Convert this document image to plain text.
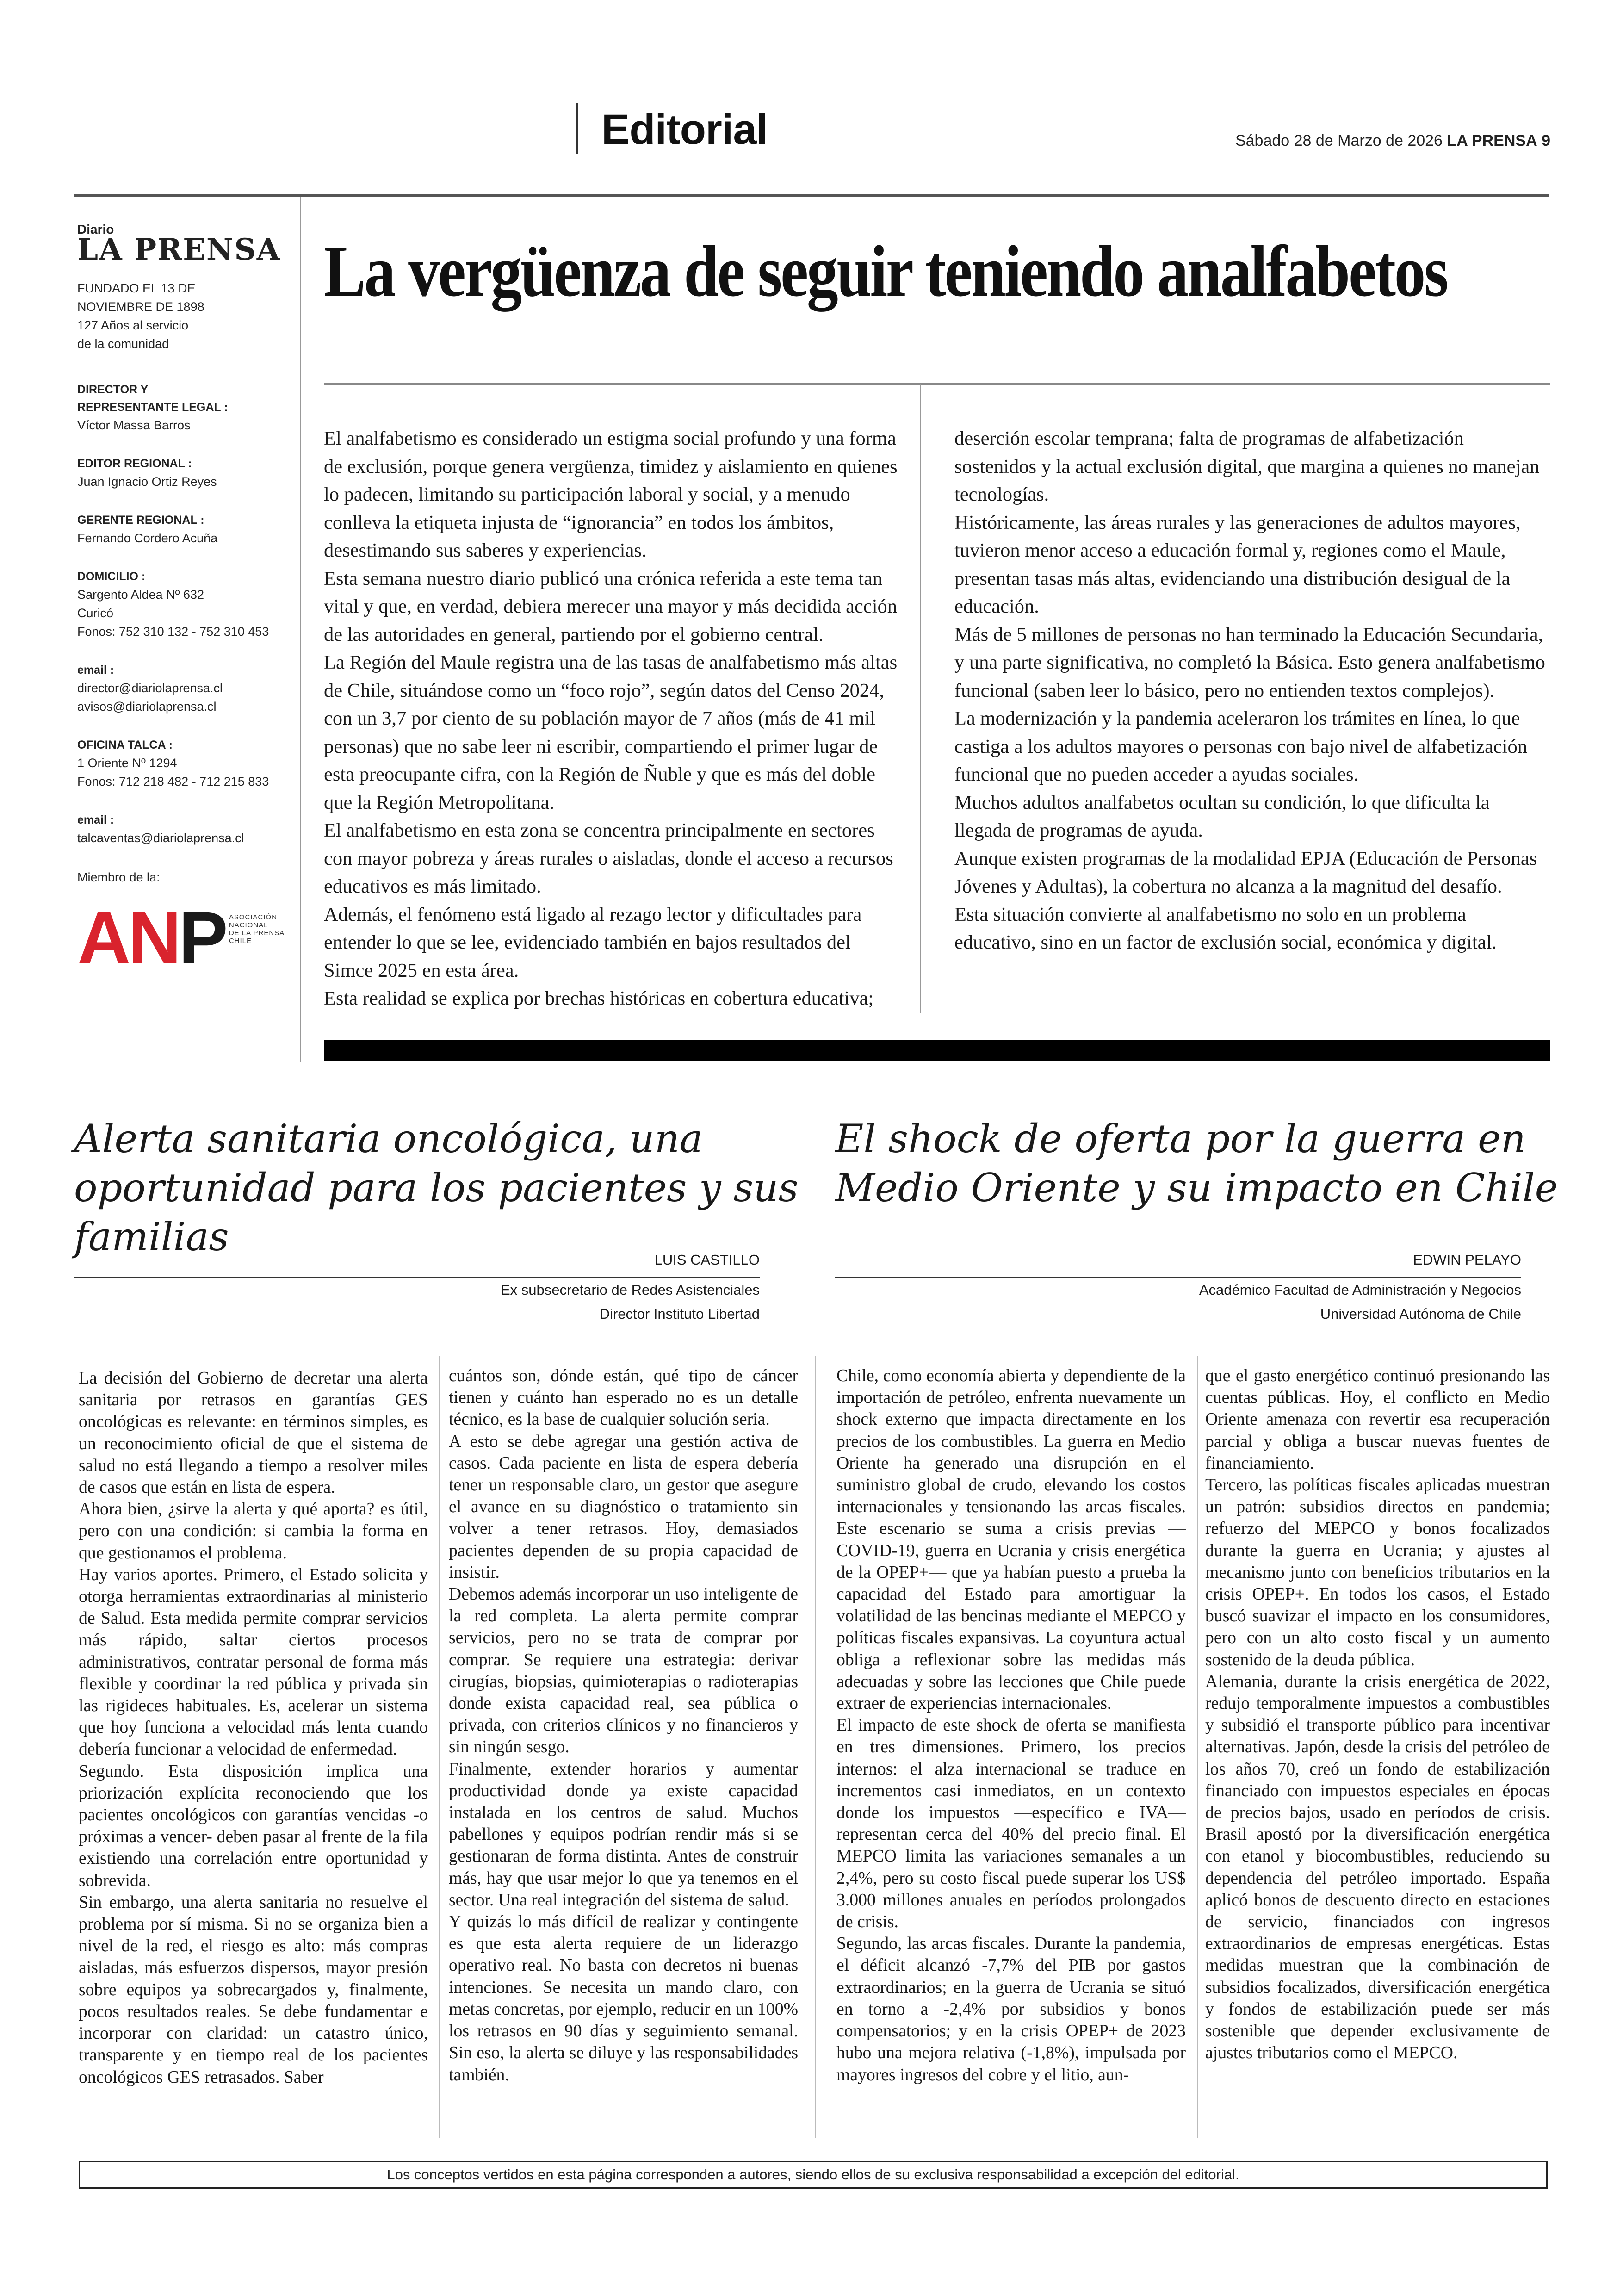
Editorial	Sábado 28 de Marzo de 2026 LA PRENSA 9
Diario
LA PRENSA
FUNDADO EL 13 DE
NOVIEMBRE DE 1898
127 Años al servicio
de la comunidad
DIRECTOR Y
REPRESENTANTE LEGAL :
Víctor Massa Barros
EDITOR REGIONAL :
Juan Ignacio Ortiz Reyes
GERENTE REGIONAL :
Fernando Cordero Acuña
DOMICILIO :
Sargento Aldea Nº 632
Curicó
Fonos: 752 310 132 - 752 310 453
email :
director@diariolaprensa.cl
avisos@diariolaprensa.cl
OFICINA TALCA :
1 Oriente Nº 1294
Fonos: 712 218 482 - 712 215 833
email :
talcaventas@diariolaprensa.cl
Miembro de la:
ANP ASOCIACIÓN
NACIONAL
DE LA PRENSA
CHILE
La vergüenza de seguir teniendo analfabetos

El analfabetismo es considerado un estigma social profundo y una forma de exclusión, porque genera vergüenza, timidez y aislamiento en quienes lo padecen, limitando su participación laboral y social, y a menudo conlleva la etiqueta injusta de “ignorancia” en todos los ámbitos, desestimando sus saberes y experiencias.

Esta semana nuestro diario publicó una crónica referida a este tema tan vital y que, en verdad, debiera merecer una mayor y más decidida acción de las autoridades en general, partiendo por el gobierno central.

La Región del Maule registra una de las tasas de analfabetismo más altas de Chile, situándose como un “foco rojo”, según datos del Censo 2024, con un 3,7 por ciento de su población mayor de 7 años (más de 41 mil personas) que no sabe leer ni escribir, compartiendo el primer lugar de esta preocupante cifra, con la Región de Ñuble y que es más del doble que la Región Metropolitana.

El analfabetismo en esta zona se concentra principalmente en sectores con mayor pobreza y áreas rurales o aisladas, donde el acceso a recursos educativos es más limitado.

Además, el fenómeno está ligado al rezago lector y dificultades para entender lo que se lee, evidenciado también en bajos resultados del Simce 2025 en esta área.

Esta realidad se explica por brechas históricas en cobertura educativa;

deserción escolar temprana; falta de programas de alfabetización sostenidos y la actual exclusión digital, que margina a quienes no manejan tecnologías.

Históricamente, las áreas rurales y las generaciones de adultos mayores, tuvieron menor acceso a educación formal y, regiones como el Maule, presentan tasas más altas, evidenciando una distribución desigual de la educación.

Más de 5 millones de personas no han terminado la Educación Secundaria, y una parte significativa, no completó la Básica. Esto genera analfabetismo funcional (saben leer lo básico, pero no entienden textos complejos).

La modernización y la pandemia aceleraron los trámites en línea, lo que castiga a los adultos mayores o personas con bajo nivel de alfabetización funcional que no pueden acceder a ayudas sociales.

Muchos adultos analfabetos ocultan su condición, lo que dificulta la llegada de programas de ayuda.

Aunque existen programas de la modalidad EPJA (Educación de Personas Jóvenes y Adultas), la cobertura no alcanza a la magnitud del desafío.

Esta situación convierte al analfabetismo no solo en un problema educativo, sino en un factor de exclusión social, económica y digital.

Alerta sanitaria oncológica, una oportunidad para los pacientes y sus familias
LUIS CASTILLO
Ex subsecretario de Redes Asistenciales
Director Instituto Libertad

La decisión del Gobierno de decretar una alerta sanitaria por retrasos en garantías GES oncológicas es relevante: en términos simples, es un reconocimiento oficial de que el sistema de salud no está llegando a tiempo a resolver miles de casos que están en lista de espera.

Ahora bien, ¿sirve la alerta y qué aporta? es útil, pero con una condición: si cambia la forma en que gestionamos el problema.

Hay varios aportes. Primero, el Estado solicita y otorga herramientas extraordinarias al ministerio de Salud. Esta medida permite comprar servicios más rápido, saltar ciertos procesos administrativos, contratar personal de forma más flexible y coordinar la red pública y privada sin las rigideces habituales. Es, acelerar un sistema que hoy funciona a velocidad más lenta cuando debería funcionar a velocidad de enfermedad.

Segundo. Esta disposición implica una priorización explícita reconociendo que los pacientes oncológicos con garantías vencidas -o próximas a vencer- deben pasar al frente de la fila existiendo una correlación entre oportunidad y sobrevida.

Sin embargo, una alerta sanitaria no resuelve el problema por sí misma. Si no se organiza bien a nivel de la red, el riesgo es alto: más compras aisladas, más esfuerzos dispersos, mayor presión sobre equipos ya sobrecargados y, finalmente, pocos resultados reales. Se debe fundamentar e incorporar con claridad: un catastro único, transparente y en tiempo real de los pacientes oncológicos GES retrasados. Saber

cuántos son, dónde están, qué tipo de cáncer tienen y cuánto han esperado no es un detalle técnico, es la base de cualquier solución seria.

A esto se debe agregar una gestión activa de casos. Cada paciente en lista de espera debería tener un responsable claro, un gestor que asegure el avance en su diagnóstico o tratamiento sin volver a tener retrasos. Hoy, demasiados pacientes dependen de su propia capacidad de insistir.

Debemos además incorporar un uso inteligente de la red completa. La alerta permite comprar servicios, pero no se trata de comprar por comprar. Se requiere una estrategia: derivar cirugías, biopsias, quimioterapias o radioterapias donde exista capacidad real, sea pública o privada, con criterios clínicos y no financieros y sin ningún sesgo.

Finalmente, extender horarios y aumentar productividad donde ya existe capacidad instalada en los centros de salud. Muchos pabellones y equipos podrían rendir más si se gestionaran de forma distinta. Antes de construir más, hay que usar mejor lo que ya tenemos en el sector. Una real integración del sistema de salud.

Y quizás lo más difícil de realizar y contingente es que esta alerta requiere de un liderazgo operativo real. No basta con decretos ni buenas intenciones. Se necesita un mando claro, con metas concretas, por ejemplo, reducir en un 100% los retrasos en 90 días y seguimiento semanal. Sin eso, la alerta se diluye y las responsabilidades también.

El shock de oferta por la guerra en Medio Oriente y su impacto en Chile
EDWIN PELAYO
Académico Facultad de Administración y Negocios
Universidad Autónoma de Chile

Chile, como economía abierta y dependiente de la importación de petróleo, enfrenta nuevamente un shock externo que impacta directamente en los precios de los combustibles. La guerra en Medio Oriente ha generado una disrupción en el suministro global de crudo, elevando los costos internacionales y tensionando las arcas fiscales. Este escenario se suma a crisis previas —COVID-19, guerra en Ucrania y crisis energética de la OPEP+— que ya habían puesto a prueba la capacidad del Estado para amortiguar la volatilidad de las bencinas mediante el MEPCO y políticas fiscales expansivas. La coyuntura actual obliga a reflexionar sobre las medidas más adecuadas y sobre las lecciones que Chile puede extraer de experiencias internacionales.

El impacto de este shock de oferta se manifiesta en tres dimensiones. Primero, los precios internos: el alza internacional se traduce en incrementos casi inmediatos, en un contexto donde los impuestos —específico e IVA— representan cerca del 40% del precio final. El MEPCO limita las variaciones semanales a un 2,4%, pero su costo fiscal puede superar los US$ 3.000 millones anuales en períodos prolongados de crisis.

Segundo, las arcas fiscales. Durante la pandemia, el déficit alcanzó -7,7% del PIB por gastos extraordinarios; en la guerra de Ucrania se situó en torno a -2,4% por subsidios y bonos compensatorios; y en la crisis OPEP+ de 2023 hubo una mejora relativa (-1,8%), impulsada por mayores ingresos del cobre y el litio, aun-

que el gasto energético continuó presionando las cuentas públicas. Hoy, el conflicto en Medio Oriente amenaza con revertir esa recuperación parcial y obliga a buscar nuevas fuentes de financiamiento.

Tercero, las políticas fiscales aplicadas muestran un patrón: subsidios directos en pandemia; refuerzo del MEPCO y bonos focalizados durante la guerra en Ucrania; y ajustes al mecanismo junto con beneficios tributarios en la crisis OPEP+. En todos los casos, el Estado buscó suavizar el impacto en los consumidores, pero con un alto costo fiscal y un aumento sostenido de la deuda pública.

Alemania, durante la crisis energética de 2022, redujo temporalmente impuestos a combustibles y subsidió el transporte público para incentivar alternativas. Japón, desde la crisis del petróleo de los años 70, creó un fondo de estabilización financiado con impuestos especiales en épocas de precios bajos, usado en períodos de crisis. Brasil apostó por la diversificación energética con etanol y biocombustibles, reduciendo su dependencia del petróleo importado. España aplicó bonos de descuento directo en estaciones de servicio, financiados con ingresos extraordinarios de empresas energéticas. Estas medidas muestran que la combinación de subsidios focalizados, diversificación energética y fondos de estabilización puede ser más sostenible que depender exclusivamente de ajustes tributarios como el MEPCO.

Los conceptos vertidos en esta página corresponden a autores, siendo ellos de su exclusiva responsabilidad a excepción del editorial.
